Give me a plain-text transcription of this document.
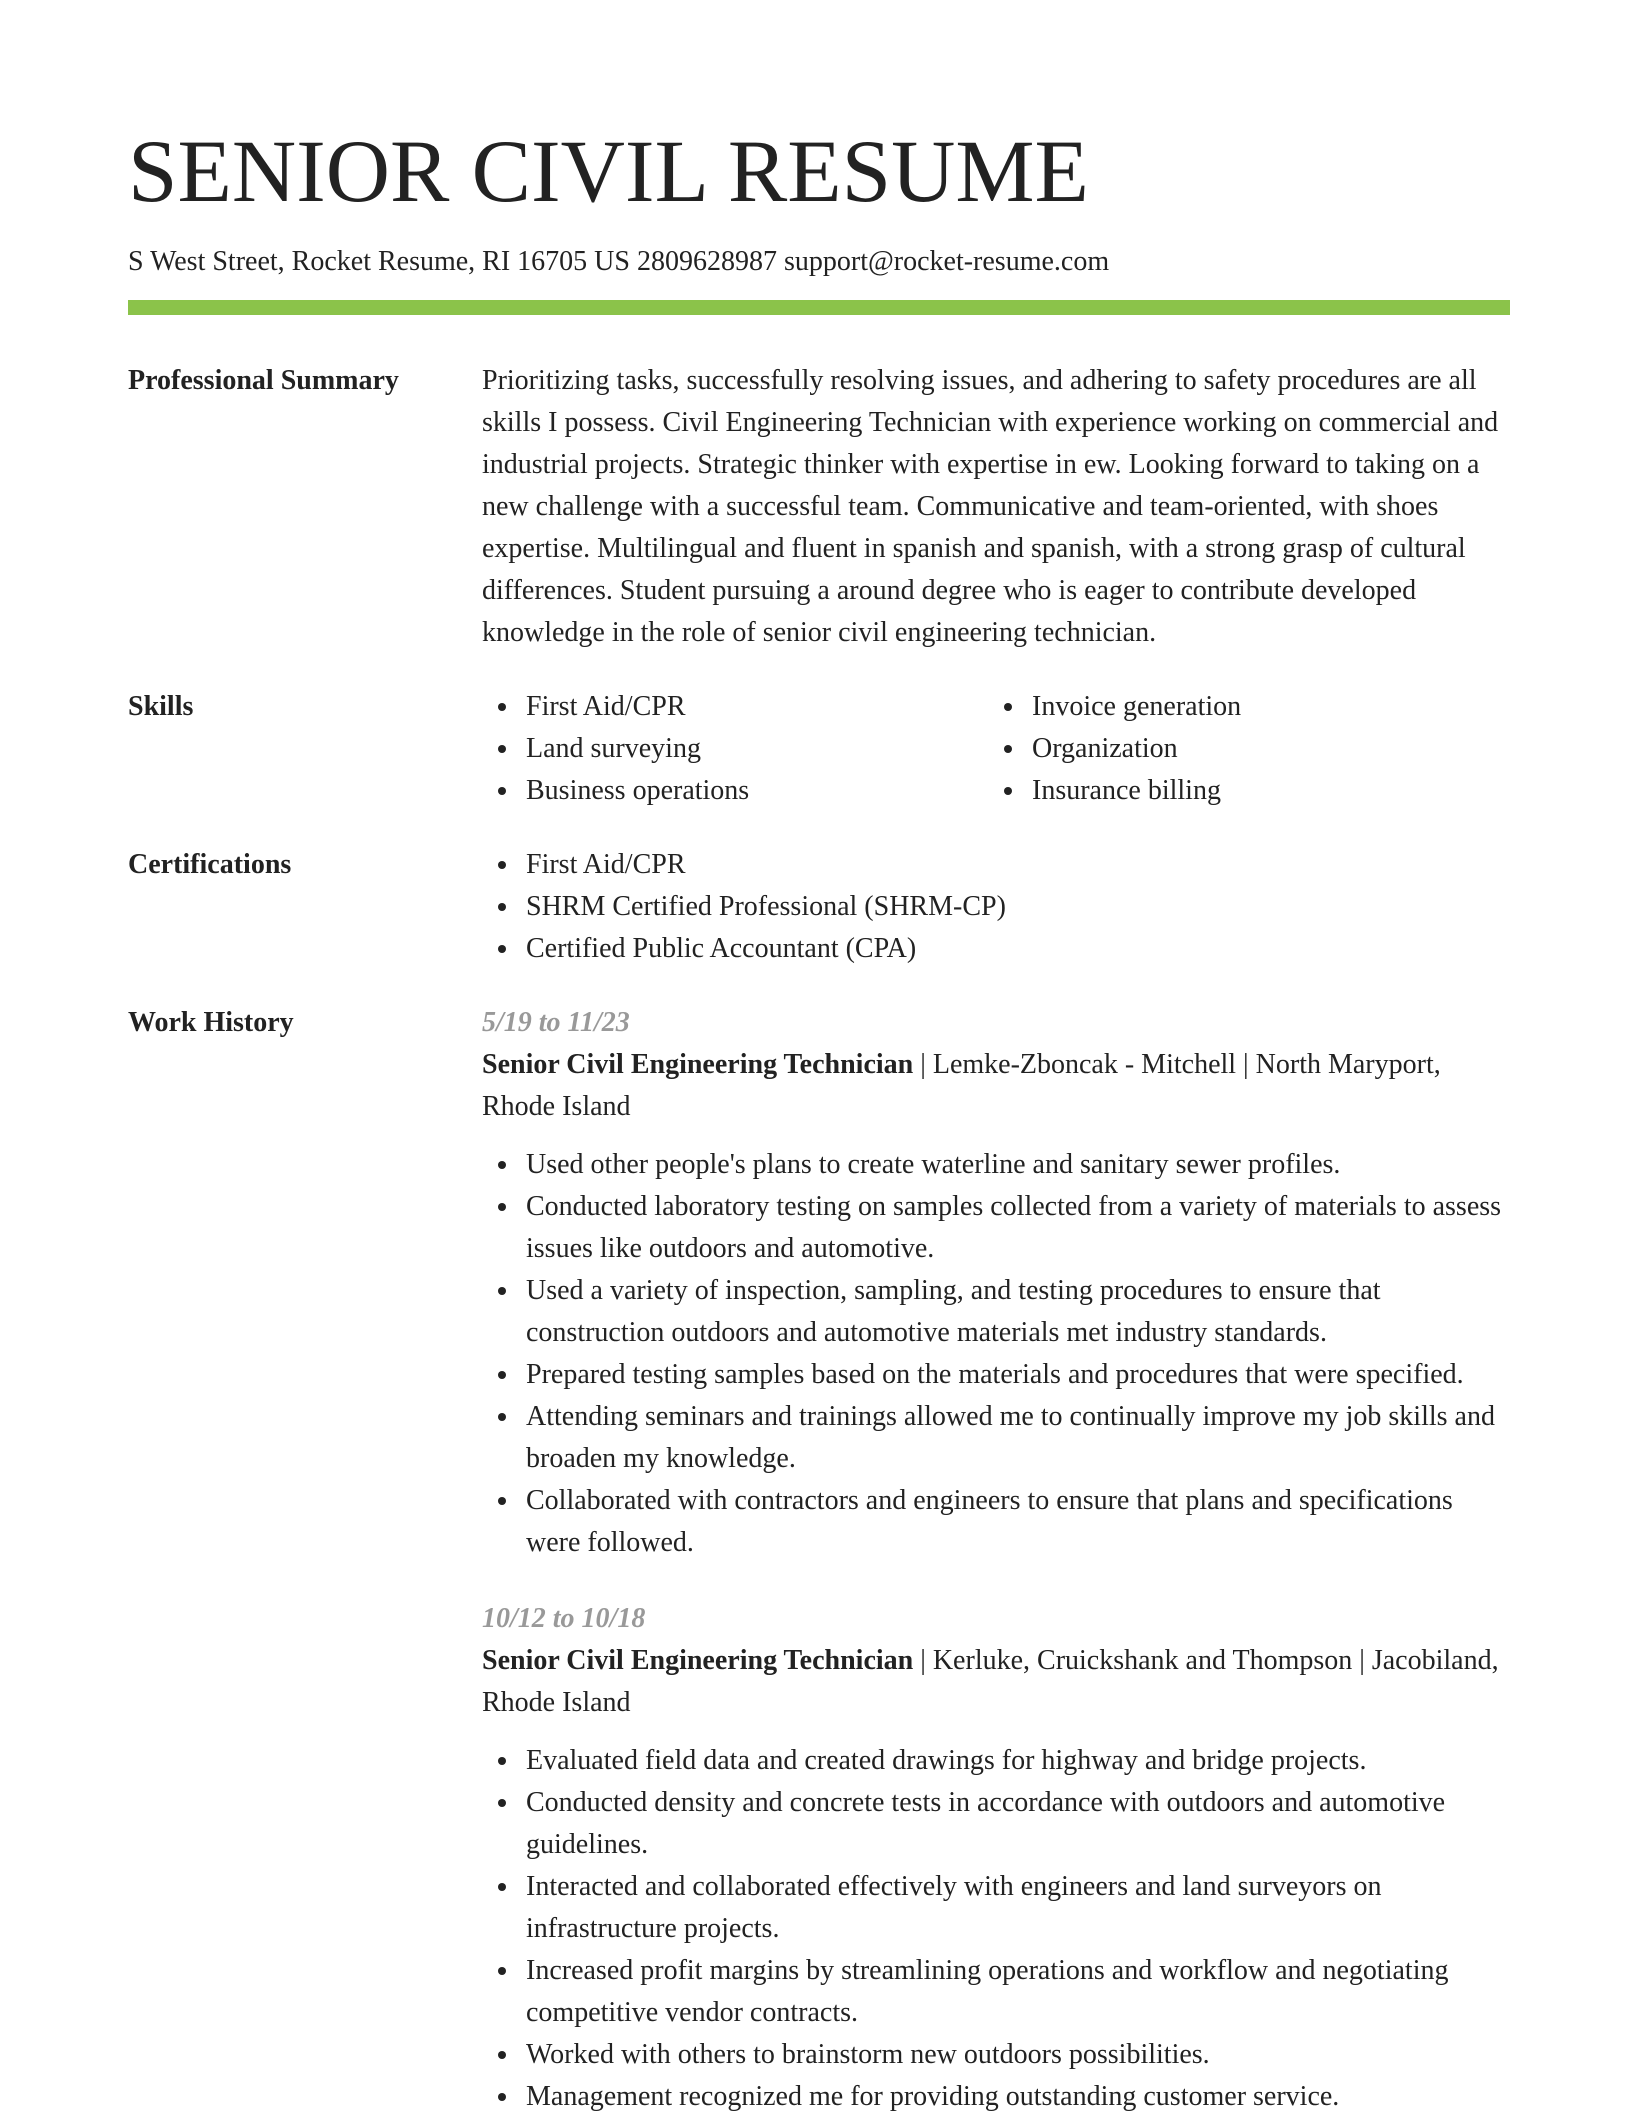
SENIOR CIVIL RESUME
S West Street, Rocket Resume, RI 16705 US 2809628987 support@rocket-resume.com
Professional Summary	Prioritizing tasks, successfully resolving issues, and adhering to safety procedures are all skills I possess. Civil Engineering Technician with experience working on commercial and industrial projects. Strategic thinker with expertise in ew. Looking forward to taking on a new challenge with a successful team. Communicative and team-oriented, with shoes expertise. Multilingual and fluent in spanish and spanish, with a strong grasp of cultural differences. Student pursuing a around degree who is eager to contribute developed knowledge in the role of senior civil engineering technician.
Skills	First Aid/CPR
Land surveying
Business operations
Invoice generation
Organization
Insurance billing
Certifications	First Aid/CPR
SHRM Certified Professional (SHRM-CP)
Certified Public Accountant (CPA)
Work History	5/19 to 11/23
Senior Civil Engineering Technician | Lemke-Zboncak - Mitchell | North Maryport, Rhode Island
Used other people's plans to create waterline and sanitary sewer profiles.
Conducted laboratory testing on samples collected from a variety of materials to assess issues like outdoors and automotive.
Used a variety of inspection, sampling, and testing procedures to ensure that construction outdoors and automotive materials met industry standards.
Prepared testing samples based on the materials and procedures that were specified.
Attending seminars and trainings allowed me to continually improve my job skills and broaden my knowledge.
Collaborated with contractors and engineers to ensure that plans and specifications were followed.
10/12 to 10/18
Senior Civil Engineering Technician | Kerluke, Cruickshank and Thompson | Jacobiland, Rhode Island
Evaluated field data and created drawings for highway and bridge projects.
Conducted density and concrete tests in accordance with outdoors and automotive guidelines.
Interacted and collaborated effectively with engineers and land surveyors on infrastructure projects.
Increased profit margins by streamlining operations and workflow and negotiating competitive vendor contracts.
Worked with others to brainstorm new outdoors possibilities.
Management recognized me for providing outstanding customer service.
